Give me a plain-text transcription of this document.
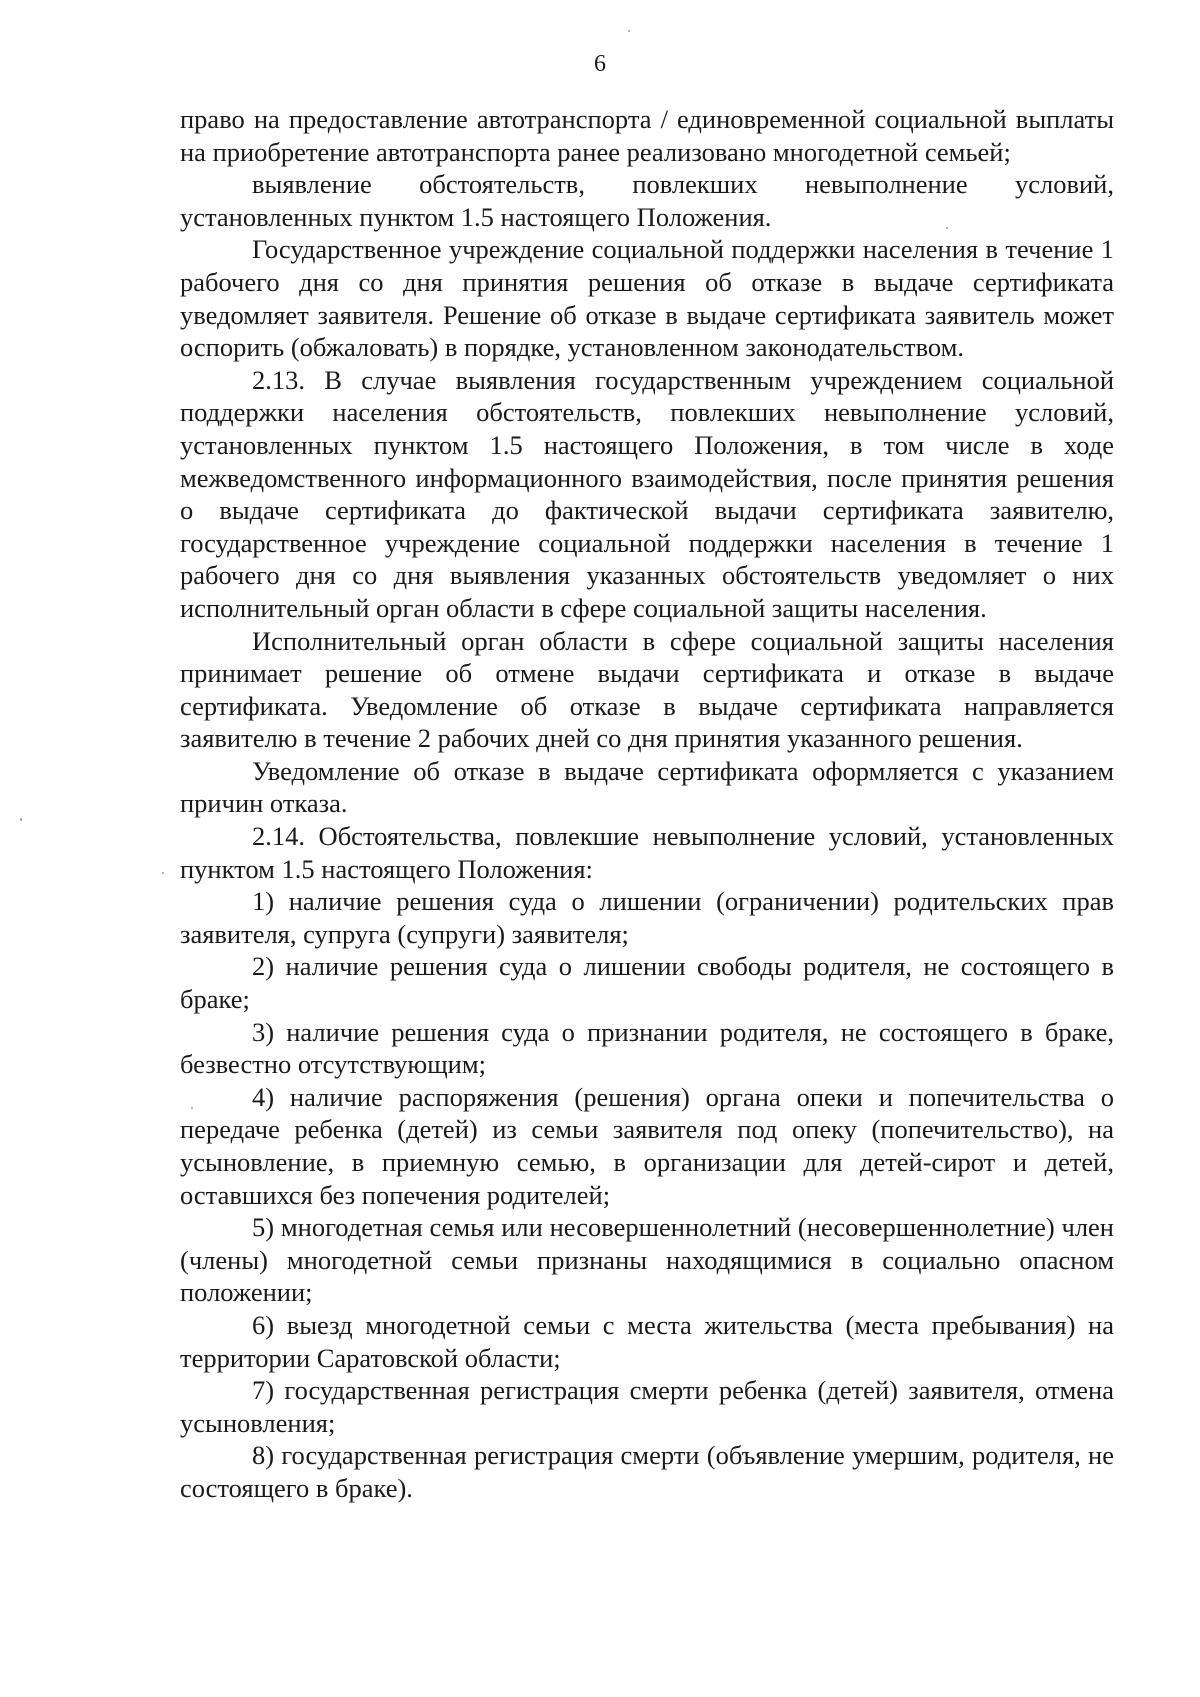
6

право на предоставление автотранспорта / единовременной социальной выплаты на приобретение автотранспорта ранее реализовано многодетной семьей;

выявление обстоятельств, повлекших невыполнение условий, установленных пунктом 1.5 настоящего Положения.

Государственное учреждение социальной поддержки населения в течение 1 рабочего дня со дня принятия решения об отказе в выдаче сертификата уведомляет заявителя. Решение об отказе в выдаче сертификата заявитель может оспорить (обжаловать) в порядке, установленном законодательством.

2.13. В случае выявления государственным учреждением социальной поддержки населения обстоятельств, повлекших невыполнение условий, установленных пунктом 1.5 настоящего Положения, в том числе в ходе межведомственного информационного взаимодействия, после принятия решения о выдаче сертификата до фактической выдачи сертификата заявителю, государственное учреждение социальной поддержки населения в течение 1 рабочего дня со дня выявления указанных обстоятельств уведомляет о них исполнительный орган области в сфере социальной защиты населения.

Исполнительный орган области в сфере социальной защиты населения принимает решение об отмене выдачи сертификата и отказе в выдаче сертификата. Уведомление об отказе в выдаче сертификата направляется заявителю в течение 2 рабочих дней со дня принятия указанного решения.

Уведомление об отказе в выдаче сертификата оформляется с указанием причин отказа.

2.14. Обстоятельства, повлекшие невыполнение условий, установленных пунктом 1.5 настоящего Положения:

1) наличие решения суда о лишении (ограничении) родительских прав заявителя, супруга (супруги) заявителя;

2) наличие решения суда о лишении свободы родителя, не состоящего в браке;

3) наличие решения суда о признании родителя, не состоящего в браке, безвестно отсутствующим;

4) наличие распоряжения (решения) органа опеки и попечительства о передаче ребенка (детей) из семьи заявителя под опеку (попечительство), на усыновление, в приемную семью, в организации для детей-сирот и детей, оставшихся без попечения родителей;

5) многодетная семья или несовершеннолетний (несовершеннолетние) член (члены) многодетной семьи признаны находящимися в социально опасном положении;

6) выезд многодетной семьи с места жительства (места пребывания) на территории Саратовской области;

7) государственная регистрация смерти ребенка (детей) заявителя, отмена усыновления;

8) государственная регистрация смерти (объявление умершим, родителя, не состоящего в браке).
